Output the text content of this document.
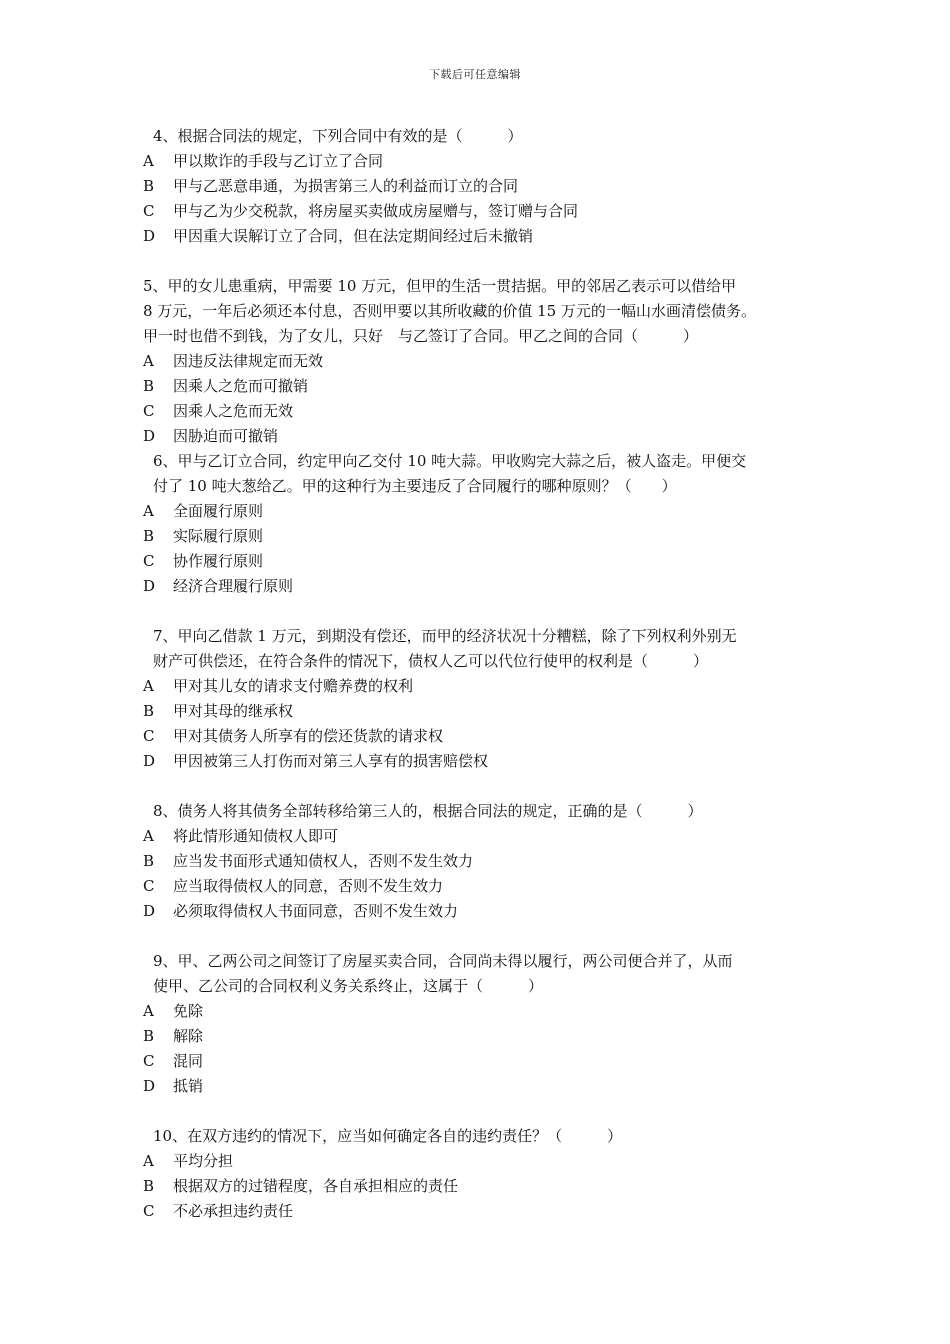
下载后可任意编辑
4、根据合同法的规定，下列合同中有效的是（　　　）
A 甲以欺诈的手段与乙订立了合同
B 甲与乙恶意串通，为损害第三人的利益而订立的合同
C 甲与乙为少交税款，将房屋买卖做成房屋赠与，签订赠与合同
D 甲因重大误解订立了合同，但在法定期间经过后未撤销
5、甲的女儿患重病，甲需要 10 万元，但甲的生活一贯拮据。甲的邻居乙表示可以借给甲
8 万元，一年后必须还本付息，否则甲要以其所收藏的价值 15 万元的一幅山水画清偿债务。
甲一时也借不到钱，为了女儿，只好　与乙签订了合同。甲乙之间的合同（　　　）
A 因违反法律规定而无效
B 因乘人之危而可撤销
C 因乘人之危而无效
D 因胁迫而可撤销
6、甲与乙订立合同，约定甲向乙交付 10 吨大蒜。甲收购完大蒜之后，被人盗走。甲便交
付了 10 吨大葱给乙。甲的这种行为主要违反了合同履行的哪种原则？（　　）
A 全面履行原则
B 实际履行原则
C 协作履行原则
D 经济合理履行原则
7、甲向乙借款 1 万元，到期没有偿还，而甲的经济状况十分糟糕，除了下列权利外别无
财产可供偿还，在符合条件的情况下，债权人乙可以代位行使甲的权利是（　　　）
A 甲对其儿女的请求支付赡养费的权利
B 甲对其母的继承权
C 甲对其债务人所享有的偿还货款的请求权
D 甲因被第三人打伤而对第三人享有的损害赔偿权
8、债务人将其债务全部转移给第三人的，根据合同法的规定，正确的是（　　　）
A 将此情形通知债权人即可
B 应当发书面形式通知债权人，否则不发生效力
C 应当取得债权人的同意，否则不发生效力
D 必须取得债权人书面同意，否则不发生效力
9、甲、乙两公司之间签订了房屋买卖合同，合同尚未得以履行，两公司便合并了，从而
使甲、乙公司的合同权利义务关系终止，这属于（　　　）
A 免除
B 解除
C 混同
D 抵销
10、在双方违约的情况下，应当如何确定各自的违约责任？（　　　）
A 平均分担
B 根据双方的过错程度，各自承担相应的责任
C 不必承担违约责任
